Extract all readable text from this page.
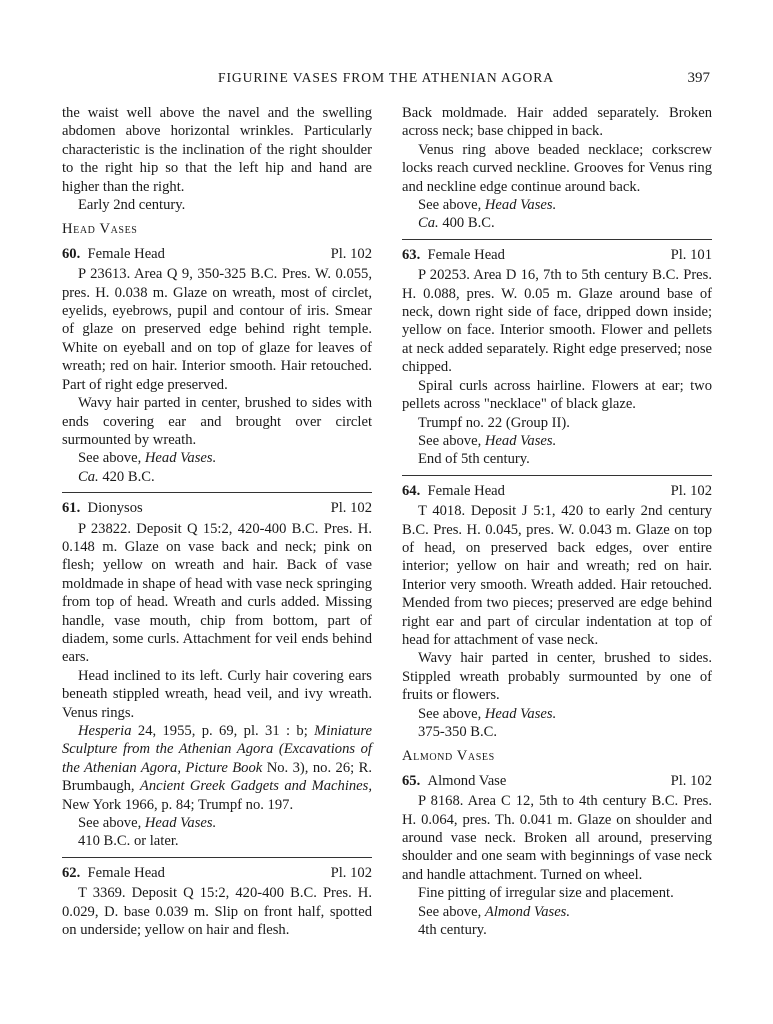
FIGURINE VASES FROM THE ATHENIAN AGORA	397

the waist well above the navel and the swelling abdomen above horizontal wrinkles. Particularly characteristic is the inclination of the right shoulder to the right hip so that the left hip and hand are higher than the right.

Early 2nd century.

Head Vases
60. Female Head	Pl. 102

P 23613. Area Q 9, 350-325 B.C. Pres. W. 0.055, pres. H. 0.038 m. Glaze on wreath, most of circlet, eyelids, eyebrows, pupil and contour of iris. Smear of glaze on preserved edge behind right temple. White on eyeball and on top of glaze for leaves of wreath; red on hair. Interior smooth. Hair retouched. Part of right edge preserved.

Wavy hair parted in center, brushed to sides with ends covering ear and brought over circlet surmounted by wreath.

See above, Head Vases.

Ca. 420 B.C.

61. Dionysos	Pl. 102

P 23822. Deposit Q 15:2, 420-400 B.C. Pres. H. 0.148 m. Glaze on vase back and neck; pink on flesh; yellow on wreath and hair. Back of vase moldmade in shape of head with vase neck springing from top of head. Wreath and curls added. Missing handle, vase mouth, chip from bottom, part of diadem, some curls. Attachment for veil ends behind ears.

Head inclined to its left. Curly hair covering ears beneath stippled wreath, head veil, and ivy wreath. Venus rings.

Hesperia 24, 1955, p. 69, pl. 31 : b; Miniature Sculpture from the Athenian Agora (Excavations of the Athenian Agora, Picture Book No. 3), no. 26; R. Brumbaugh, Ancient Greek Gadgets and Machines, New York 1966, p. 84; Trumpf no. 197.

See above, Head Vases.

410 B.C. or later.

62. Female Head	Pl. 102

T 3369. Deposit Q 15:2, 420-400 B.C. Pres. H. 0.029, D. base 0.039 m. Slip on front half, spotted on underside; yellow on hair and flesh.

Back moldmade. Hair added separately. Broken across neck; base chipped in back.

Venus ring above beaded necklace; corkscrew locks reach curved neckline. Grooves for Venus ring and neckline edge continue around back.

See above, Head Vases.

Ca. 400 B.C.

63. Female Head	Pl. 101

P 20253. Area D 16, 7th to 5th century B.C. Pres. H. 0.088, pres. W. 0.05 m. Glaze around base of neck, down right side of face, dripped down inside; yellow on face. Interior smooth. Flower and pellets at neck added separately. Right edge preserved; nose chipped.

Spiral curls across hairline. Flowers at ear; two pellets across "necklace" of black glaze.

Trumpf no. 22 (Group II).

See above, Head Vases.

End of 5th century.

64. Female Head	Pl. 102

T 4018. Deposit J 5:1, 420 to early 2nd century B.C. Pres. H. 0.045, pres. W. 0.043 m. Glaze on top of head, on preserved back edges, over entire interior; yellow on hair and wreath; red on hair. Interior very smooth. Wreath added. Hair retouched. Mended from two pieces; preserved are edge behind right ear and part of circular indentation at top of head for attachment of vase neck.

Wavy hair parted in center, brushed to sides. Stippled wreath probably surmounted by one of fruits or flowers.

See above, Head Vases.

375-350 B.C.

Almond Vases
65. Almond Vase	Pl. 102

P 8168. Area C 12, 5th to 4th century B.C. Pres. H. 0.064, pres. Th. 0.041 m. Glaze on shoulder and around vase neck. Broken all around, preserving shoulder and one seam with beginnings of vase neck and handle attachment. Turned on wheel.

Fine pitting of irregular size and placement.

See above, Almond Vases.

4th century.
